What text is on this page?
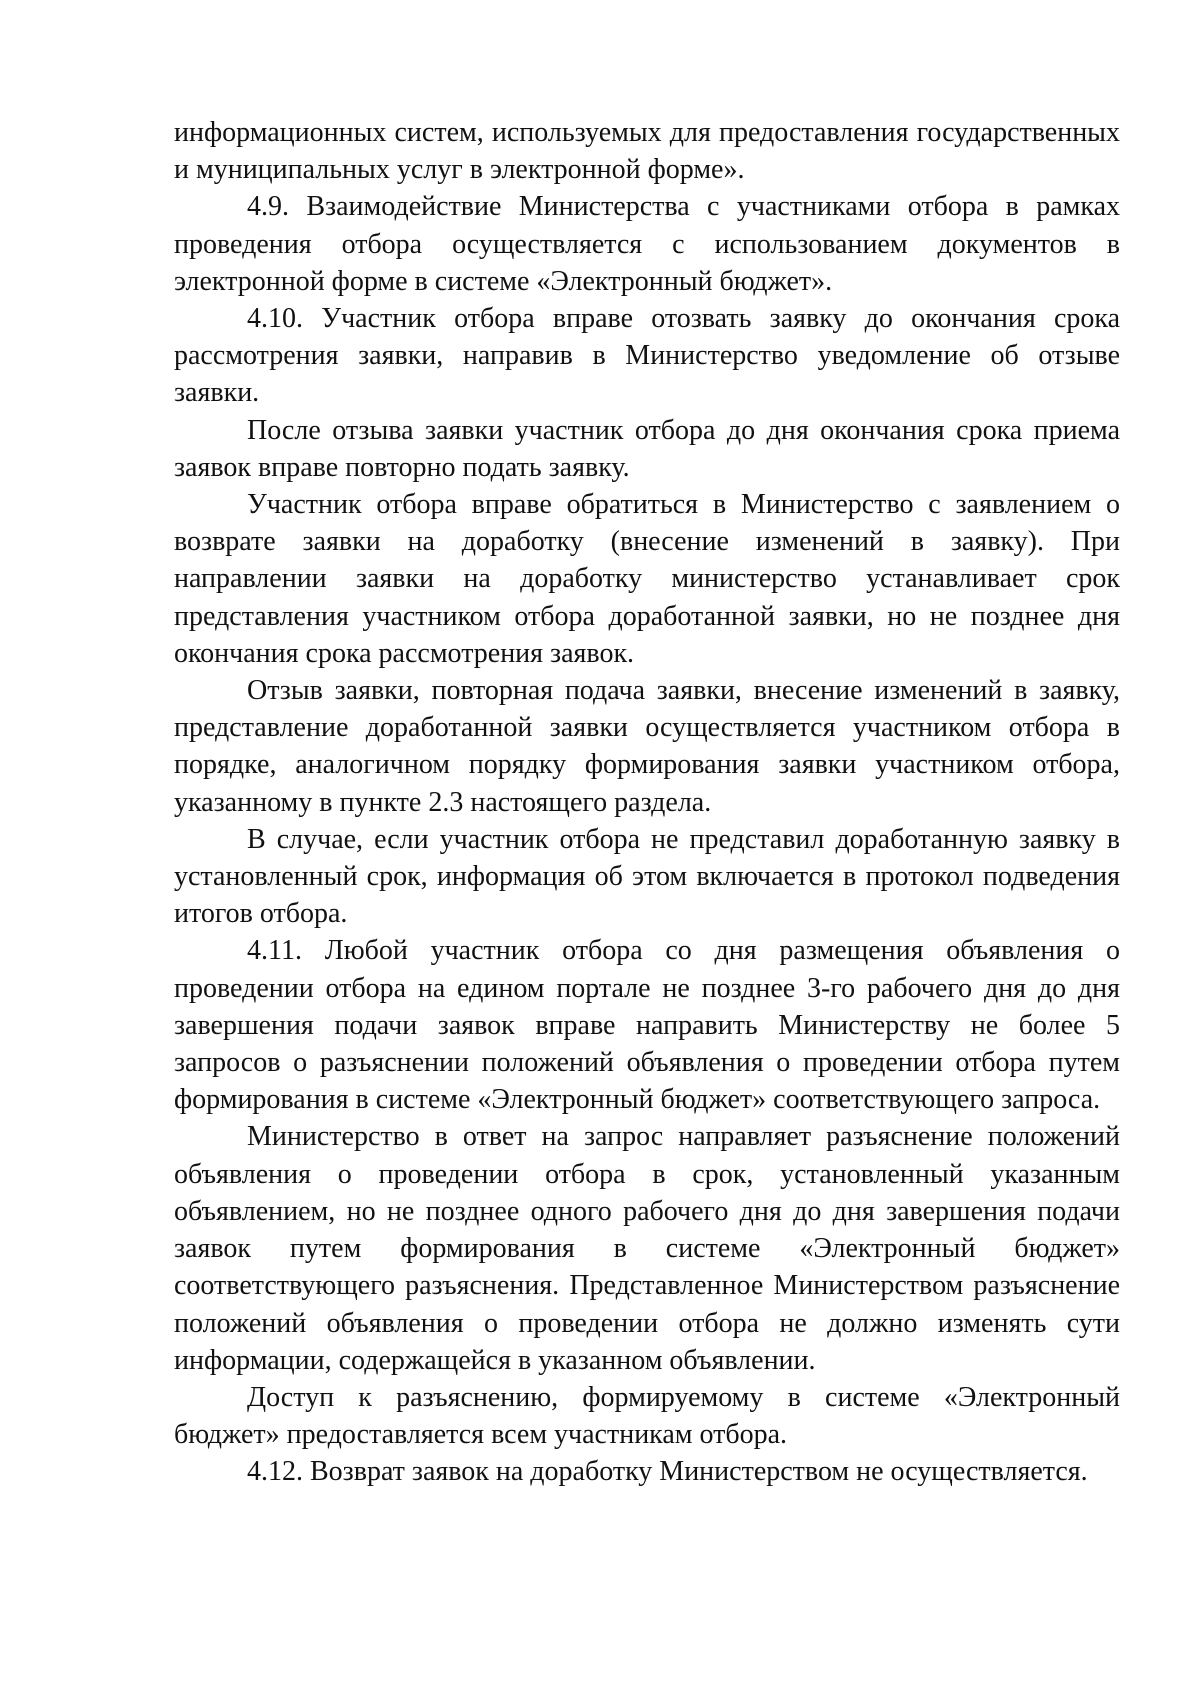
информационных систем, используемых для предоставления государственных и муниципальных услуг в электронной форме».

4.9. Взаимодействие Министерства с участниками отбора в рамках проведения отбора осуществляется с использованием документов в электронной форме в системе «Электронный бюджет».

4.10. Участник отбора вправе отозвать заявку до окончания срока рассмотрения заявки, направив в Министерство уведомление об отзыве заявки.

После отзыва заявки участник отбора до дня окончания срока приема заявок вправе повторно подать заявку.

Участник отбора вправе обратиться в Министерство с заявлением о возврате заявки на доработку (внесение изменений в заявку). При направлении заявки на доработку министерство устанавливает срок представления участником отбора доработанной заявки, но не позднее дня окончания срока рассмотрения заявок.

Отзыв заявки, повторная подача заявки, внесение изменений в заявку, представление доработанной заявки осуществляется участником отбора в порядке, аналогичном порядку формирования заявки участником отбора, указанному в пункте 2.3 настоящего раздела.

В случае, если участник отбора не представил доработанную заявку в установленный срок, информация об этом включается в протокол подведения итогов отбора.

4.11. Любой участник отбора со дня размещения объявления о проведении отбора на едином портале не позднее 3-го рабочего дня до дня завершения подачи заявок вправе направить Министерству не более 5 запросов о разъяснении положений объявления о проведении отбора путем формирования в системе «Электронный бюджет» соответствующего запроса.

Министерство в ответ на запрос направляет разъяснение положений объявления о проведении отбора в срок, установленный указанным объявлением, но не позднее одного рабочего дня до дня завершения подачи заявок путем формирования в системе «Электронный бюджет» соответствующего разъяснения. Представленное Министерством разъяснение положений объявления о проведении отбора не должно изменять сути информации, содержащейся в указанном объявлении.

Доступ к разъяснению, формируемому в системе «Электронный бюджет» предоставляется всем участникам отбора.

4.12. Возврат заявок на доработку Министерством не осуществляется.
